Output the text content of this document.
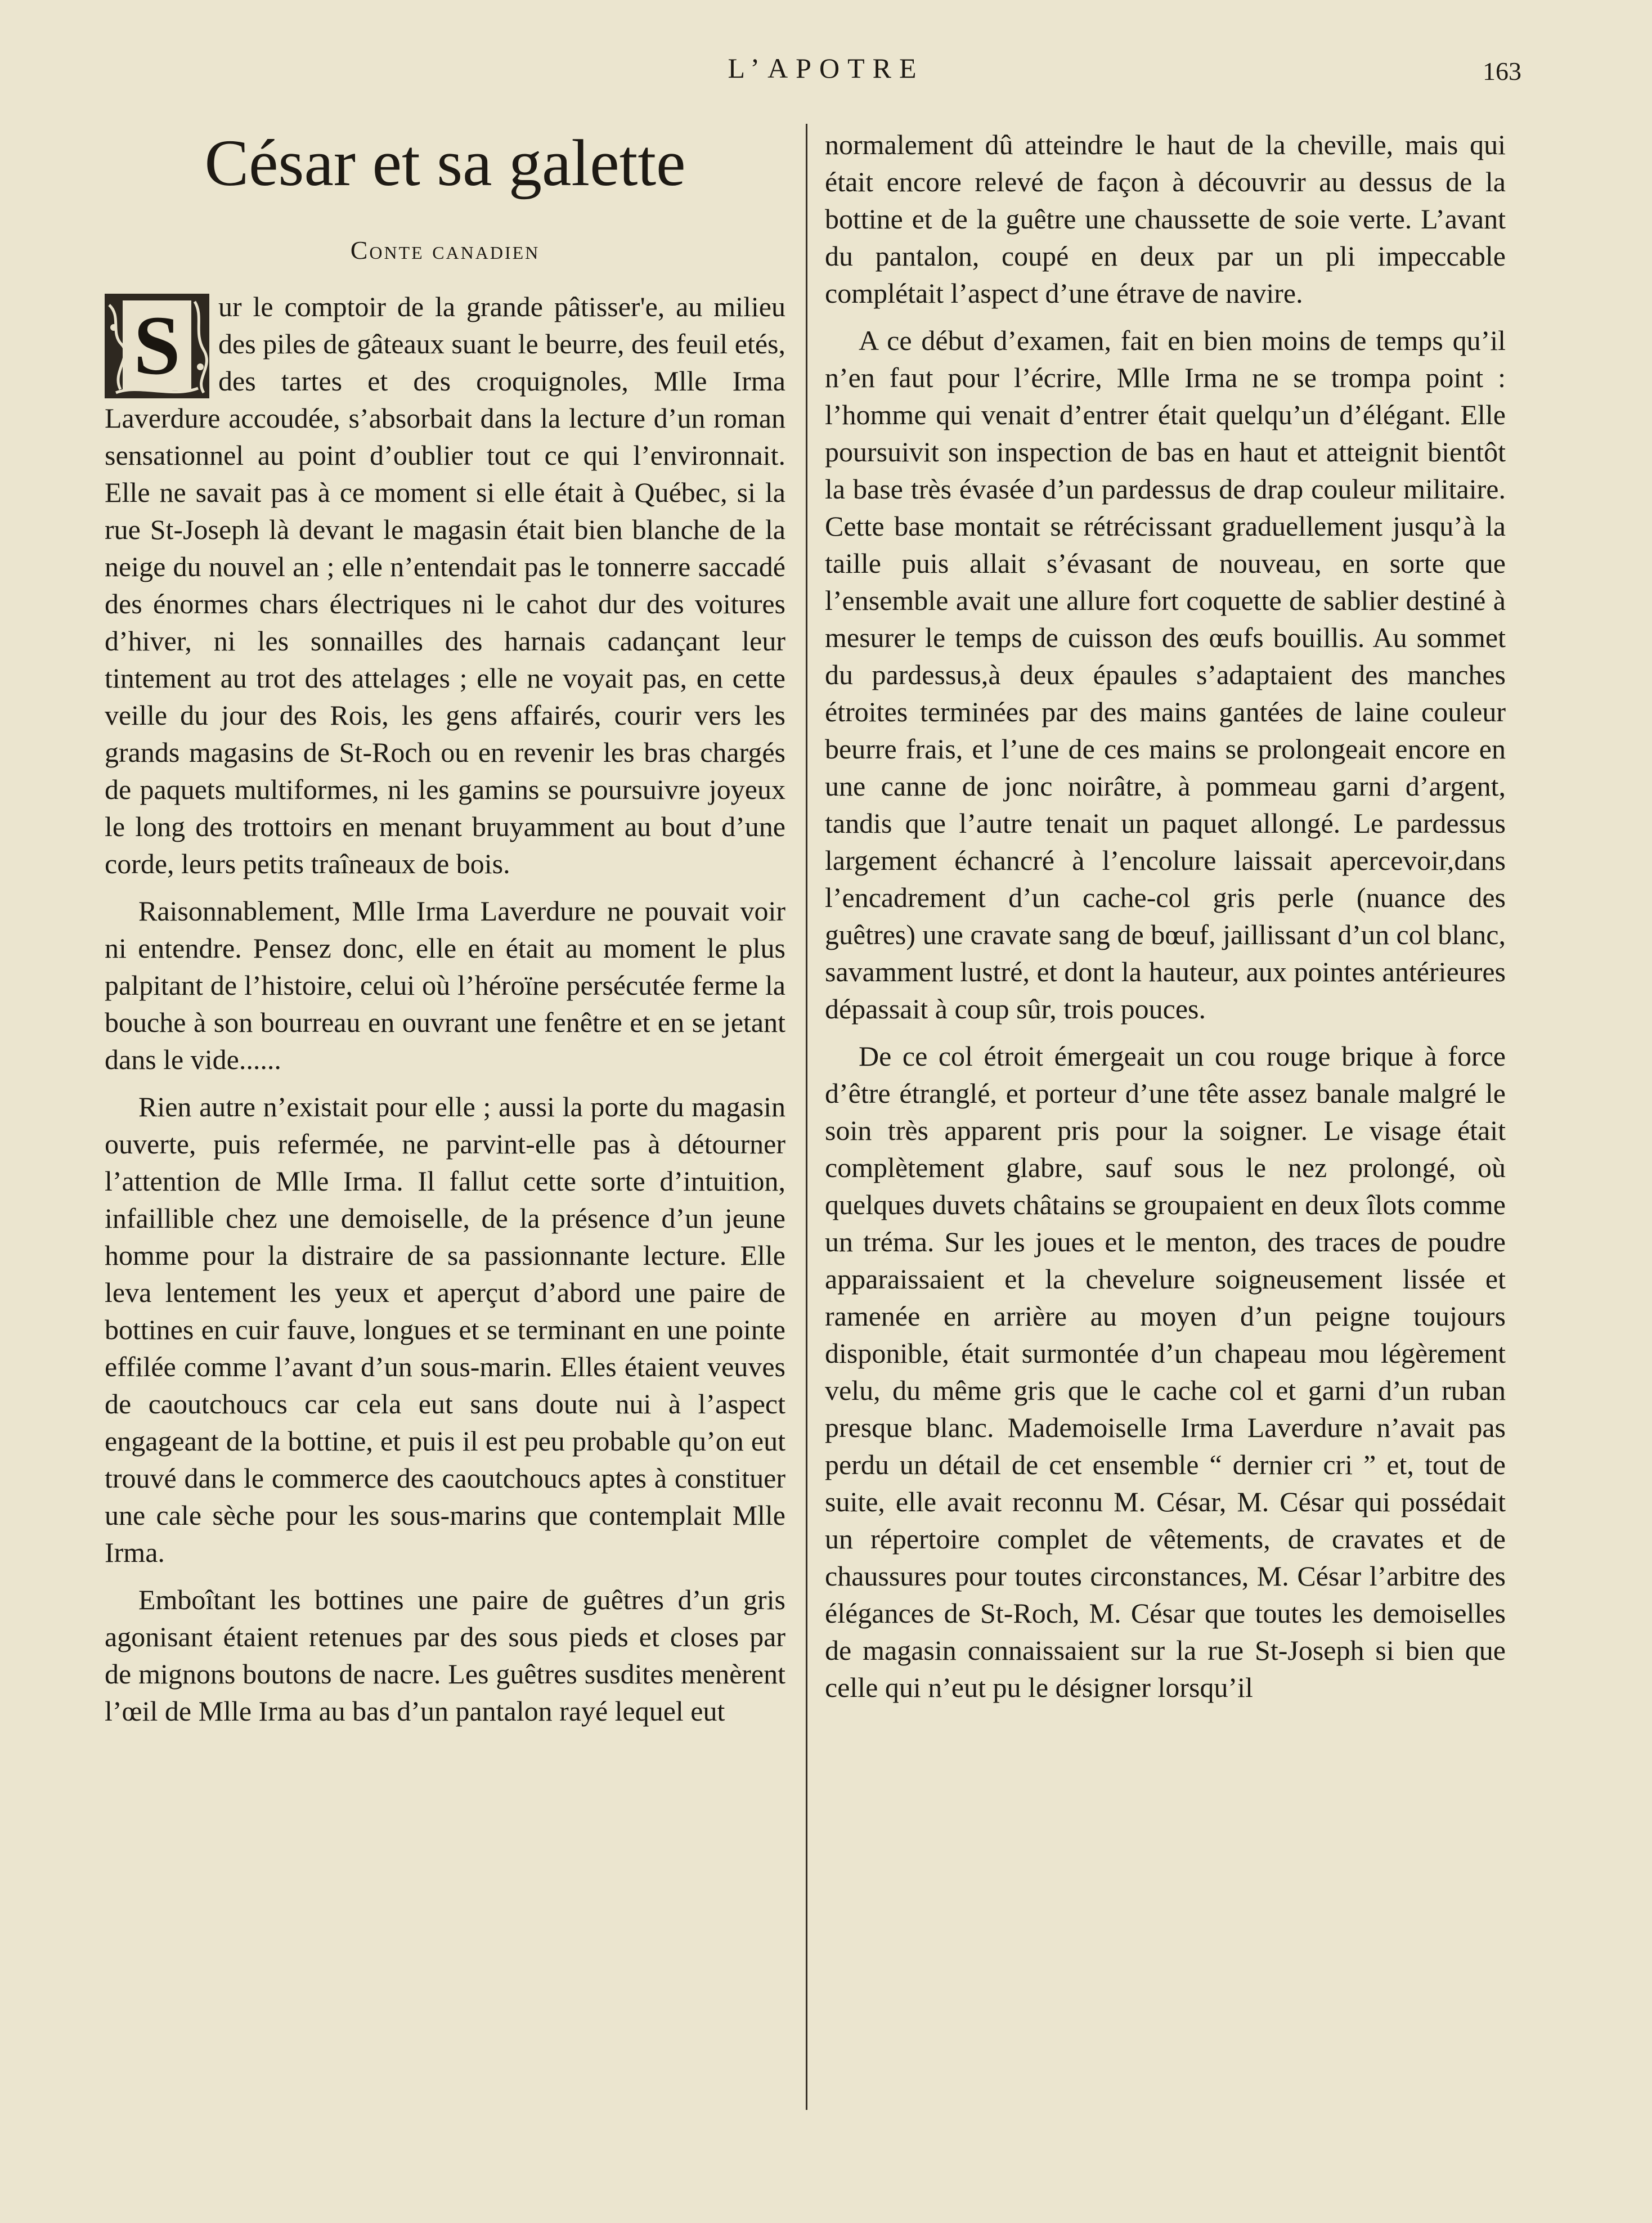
L’APOTRE	163
César et sa galette
Conte canadien

S	ur le comptoir de la grande pâtisser'e, au milieu des piles de gâteaux suant le beurre, des feuil etés, des tartes et des croquignoles, Mlle Irma Laverdure accoudée, s’absorbait dans la lecture d’un roman sensationnel au point d’oublier tout ce qui l’environnait. Elle ne savait pas à ce moment si elle était à Québec, si la rue St-Joseph là devant le magasin était bien blanche de la neige du nouvel an ; elle n’entendait pas le tonnerre saccadé des énormes chars électriques ni le cahot dur des voitures d’hiver, ni les sonnailles des harnais cadançant leur tintement au trot des attelages ; elle ne voyait pas, en cette veille du jour des Rois, les gens affairés, courir vers les grands magasins de St-Roch ou en revenir les bras chargés de paquets multiformes, ni les gamins se poursuivre joyeux le long des trottoirs en menant bruyamment au bout d’une corde, leurs petits traîneaux de bois.

Raisonnablement, Mlle Irma Laverdure ne pouvait voir ni entendre. Pensez donc, elle en était au moment le plus palpitant de l’histoire, celui où l’héroïne persécutée ferme la bouche à son bourreau en ouvrant une fenêtre et en se jetant dans le vide......

Rien autre n’existait pour elle ; aussi la porte du magasin ouverte, puis refermée, ne parvint-elle pas à détourner l’attention de Mlle Irma. Il fallut cette sorte d’intuition, infaillible chez une demoiselle, de la présence d’un jeune homme pour la distraire de sa passionnante lecture. Elle leva lentement les yeux et aperçut d’abord une paire de bottines en cuir fauve, longues et se terminant en une pointe effilée comme l’avant d’un sous-marin. Elles étaient veuves de caoutchoucs car cela eut sans doute nui à l’aspect engageant de la bottine, et puis il est peu probable qu’on eut trouvé dans le commerce des caoutchoucs aptes à constituer une cale sèche pour les sous-marins que contemplait Mlle Irma.

Emboîtant les bottines une paire de guêtres d’un gris agonisant étaient retenues par des sous pieds et closes par de mignons boutons de nacre. Les guêtres susdites menèrent l’œil de Mlle Irma au bas d’un pantalon rayé lequel eut

normalement dû atteindre le haut de la cheville, mais qui était encore relevé de façon à découvrir au dessus de la bottine et de la guêtre une chaussette de soie verte. L’avant du pantalon, coupé en deux par un pli impeccable complétait l’aspect d’une étrave de navire.

A ce début d’examen, fait en bien moins de temps qu’il n’en faut pour l’écrire, Mlle Irma ne se trompa point : l’homme qui venait d’entrer était quelqu’un d’élégant. Elle poursuivit son inspection de bas en haut et atteignit bientôt la base très évasée d’un pardessus de drap couleur militaire. Cette base montait se rétrécissant graduellement jusqu’à la taille puis allait s’évasant de nouveau, en sorte que l’ensemble avait une allure fort coquette de sablier destiné à mesurer le temps de cuisson des œufs bouillis. Au sommet du pardessus,à deux épaules s’adaptaient des manches étroites terminées par des mains gantées de laine couleur beurre frais, et l’une de ces mains se prolongeait encore en une canne de jonc noirâtre, à pommeau garni d’argent, tandis que l’autre tenait un paquet allongé. Le pardessus largement échancré à l’encolure laissait apercevoir,dans l’encadrement d’un cache-col gris perle (nuance des guêtres) une cravate sang de bœuf, jaillissant d’un col blanc, savamment lustré, et dont la hauteur, aux pointes antérieures dépassait à coup sûr, trois pouces.

De ce col étroit émergeait un cou rouge brique à force d’être étranglé, et porteur d’une tête assez banale malgré le soin très apparent pris pour la soigner. Le visage était complètement glabre, sauf sous le nez prolongé, où quelques duvets châtains se groupaient en deux îlots comme un tréma. Sur les joues et le menton, des traces de poudre apparaissaient et la chevelure soigneusement lissée et ramenée en arrière au moyen d’un peigne toujours disponible, était surmontée d’un chapeau mou légèrement velu, du même gris que le cache col et garni d’un ruban presque blanc. Mademoiselle Irma Laverdure n’avait pas perdu un détail de cet ensemble “ dernier cri ” et, tout de suite, elle avait reconnu M. César, M. César qui possédait un répertoire complet de vêtements, de cravates et de chaussures pour toutes circonstances, M. César l’arbitre des élégances de St-Roch, M. César que toutes les demoiselles de magasin connaissaient sur la rue St-Joseph si bien que celle qui n’eut pu le désigner lorsqu’il
